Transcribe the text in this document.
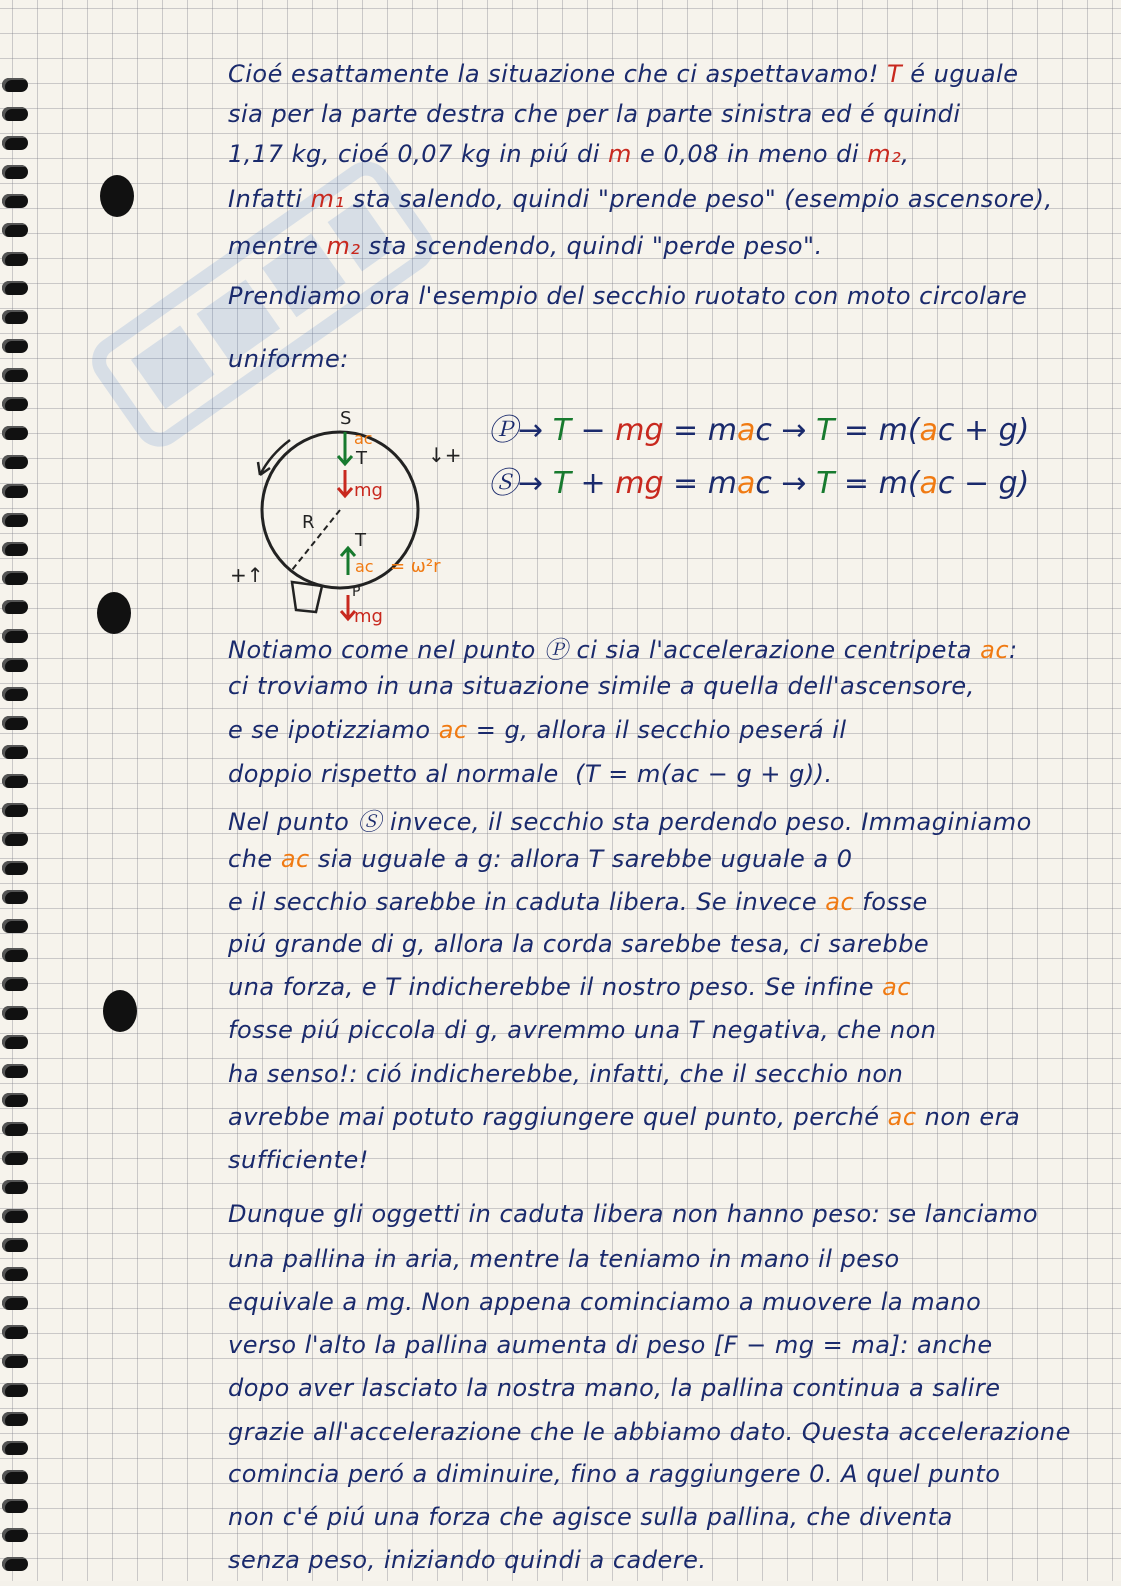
Cioé esattamente la situazione che ci aspettavamo! T é uguale
sia per la parte destra che per la parte sinistra ed é quindi
1,17 kg, cioé 0,07 kg in piú di m e 0,08 in meno di m₂,
Infatti m₁ sta salendo, quindi "prende peso" (esempio ascensore),
mentre m₂ sta scendendo, quindi "perde peso".
Prendiamo ora l'esempio del secchio ruotato con moto circolare
uniforme:
S
ac
T
mg
R
T
ac = ω²r
P
mg
↓+
+↑
Ⓟ→ T − mg = mac → T = m(ac + g)
Ⓢ→ T + mg = mac → T = m(ac − g)
Notiamo come nel punto Ⓟ ci sia l'accelerazione centripeta ac:
ci troviamo in una situazione simile a quella dell'ascensore,
e se ipotizziamo ac = g, allora il secchio peserá il
doppio rispetto al normale  (T = m(ac − g + g)).
Nel punto Ⓢ invece, il secchio sta perdendo peso. Immaginiamo
che ac sia uguale a g: allora T sarebbe uguale a 0
e il secchio sarebbe in caduta libera. Se invece ac fosse
piú grande di g, allora la corda sarebbe tesa, ci sarebbe
una forza, e T indicherebbe il nostro peso. Se infine ac
fosse piú piccola di g, avremmo una T negativa, che non
ha senso!: ció indicherebbe, infatti, che il secchio non
avrebbe mai potuto raggiungere quel punto, perché ac non era
sufficiente!
Dunque gli oggetti in caduta libera non hanno peso: se lanciamo
una pallina in aria, mentre la teniamo in mano il peso
equivale a mg. Non appena cominciamo a muovere la mano
verso l'alto la pallina aumenta di peso [F − mg = ma]: anche
dopo aver lasciato la nostra mano, la pallina continua a salire
grazie all'accelerazione che le abbiamo dato. Questa accelerazione
comincia peró a diminuire, fino a raggiungere 0. A quel punto
non c'é piú una forza che agisce sulla pallina, che diventa
senza peso, iniziando quindi a cadere.
